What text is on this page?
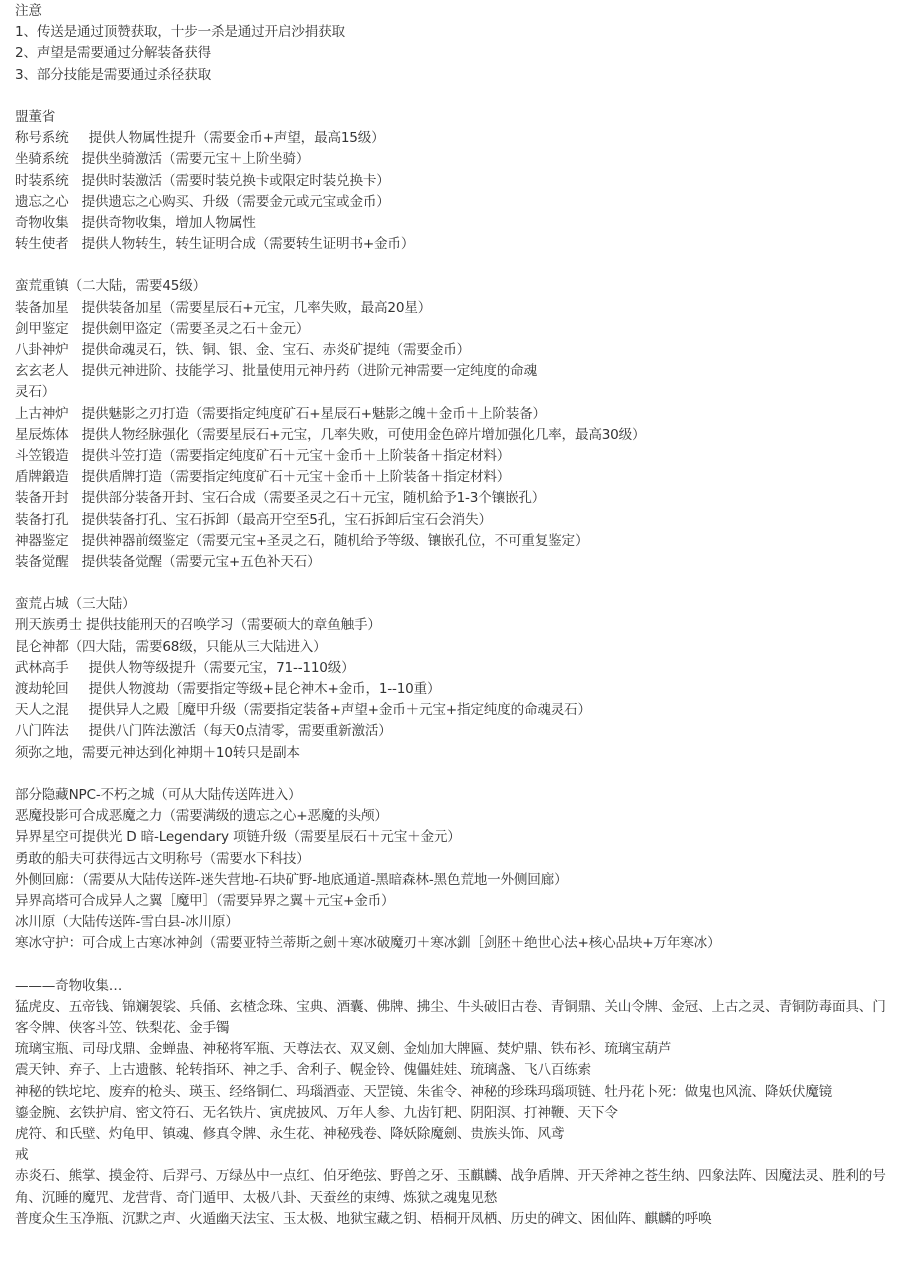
注意
1、传送是通过顶赞获取，十步一杀是通过开启沙捐获取
2、声望是需要通过分解装备获得
3、部分技能是需要通过杀径获取
盟董省
称号系统 提供人物属性提升（需要金币+声望，最高15级）
坐骑系统 提供坐骑激活（需要元宝＋上阶坐骑）
时装系统 提供时装激活（需要时装兑换卡或限定时装兑换卡）
遗忘之心 提供遗忘之心购买、升级（需要金元或元宝或金币）
奇物收集 提供奇物收集，增加人物属性
转生使者 提供人物转生，转生证明合成（需要转生证明书+金币）
蛮荒重镇（二大陆，需要45级）
装备加星 提供装备加星（需要星辰石+元宝，几率失败，最高20星）
剑甲鉴定 提供劍甲盗定（需要圣灵之石＋金元）
八卦神炉 提供命魂灵石，铁、铜、银、金、宝石、赤炎矿提纯（需要金币）
玄玄老人 提供元神进阶、技能学习、批量使用元神丹药（进阶元神需要一定纯度的命魂
灵石）
上古神炉 提供魅影之刃打造（需要指定纯度矿石+星辰石+魅影之魄＋金币＋上阶装备）
星辰炼体 提供人物经脉强化（需要星辰石+元宝，几率失败，可使用金色碎片增加强化几率，最高30级）
斗笠锻造 提供斗笠打造（需要指定纯度矿石＋元宝＋金币＋上阶装备＋指定材料）
盾牌鍛造 提供盾牌打造（需要指定纯度矿石＋元宝＋金币＋上阶装备＋指定材料）
装备开封 提供部分装备开封、宝石合成（需要圣灵之石＋元宝，随机給予1-3个镶嵌孔）
装备打孔 提供装备打孔、宝石拆卸（最高开空至5孔，宝石拆卸后宝石会消失）
神器鉴定 提供神器前缀鉴定（需要元宝+圣灵之石，随机给予等级、镶嵌孔位，不可重复鉴定）
装备觉醒 提供装备觉醒（需要元宝+五色补天石）
蛮荒占城（三大陆）
刑天族勇士 提供技能刑天的召唤学习（需要硕大的章鱼触手）
昆仑神都（四大陆，需要68级，只能从三大陆进入）
武林高手 提供人物等级提升（需要元宝，71--110级）
渡劫轮回 提供人物渡劫（需要指定等级+昆仑神木+金币，1--10重）
天人之混 提供异人之殿［魔甲升级（需要指定装备+声望+金币＋元宝+指定纯度的命魂灵石）
八门阵法 提供八门阵法激活（每天0点清零，需要重新激活）
须弥之地，需要元神达到化神期＋10转只是副本
部分隐藏NPC-不朽之城（可从大陆传送阵进入）
恶魔投影可合成恶魔之力（需要满级的遗忘之心+恶魔的头颅）
异界星空可提供光 D 暗-Legendary 项链升级（需要星辰石＋元宝＋金元）
勇敢的船夫可获得远古文明称号（需要水下科技）
外侧回廊：（需要从大陆传送阵-迷失营地-石块矿野-地底通道-黑暗森林-黑色荒地一外侧回廊）
异界高塔可合成异人之翼［魔甲］（需要异界之翼＋元宝+金币）
冰川原（大陆传送阵-雪白县-冰川原）
寒冰守护：可合成上古寒冰神剑（需要亚特兰蒂斯之劍＋寒冰破魔刃＋寒冰釧［剑胚＋绝世心法+核心品块+万年寒冰）
———奇物收集…
猛虎皮、五帝钱、锦斓袈裟、兵俑、玄楂念珠、宝典、酒囊、佛牌、拂尘、牛头破旧古卷、青铜鼎、关山令牌、金冠、上古之灵、青铜防毒面具、门客令牌、侠客斗笠、铁梨花、金手镯
琉璃宝瓶、司母戊鼎、金蝉蛊、神秘将军瓶、天尊法衣、双叉劍、金灿加大牌匾、焚炉鼎、铁布衫、琉璃宝葫芦
震天钟、弃子、上古遗骸、轮转指环、神之手、舍利子、幌金铃、傀儡娃娃、琉璃盏、飞八百练索
神秘的铁坨坨、废弃的枪头、瑛玉、经络铜仁、玛瑙酒壶、天罡镜、朱雀令、神秘的珍珠玛瑙项链、牡丹花卜死：做鬼也风流、降妖伏魔镜
鎏金腕、玄铁护肩、密文符石、无名铁片、寅虎披风、万年人参、九齿钉耙、阴阳溟、打神鞭、天下令
虎符、和氏壁、灼龟甲、镇魂、修真令牌、永生花、神秘残卷、降妖除魔劍、贵族头饰、风鸢
戒
赤炎石、熊掌、摸金符、后羿弓、万绿丛中一点红、伯牙绝弦、野兽之牙、玉麒麟、战争盾牌、开天斧神之苍生纳、四象法阵、因魔法灵、胜利的号角、沉睡的魔咒、龙营背、奇门遁甲、太极八卦、天蚕丝的束缚、炼狱之魂鬼见愁
普度众生玉净瓶、沉默之声、火遁幽天法宝、玉太极、地狱宝藏之钥、梧桐开凤栖、历史的碑文、困仙阵、麒麟的呼唤
